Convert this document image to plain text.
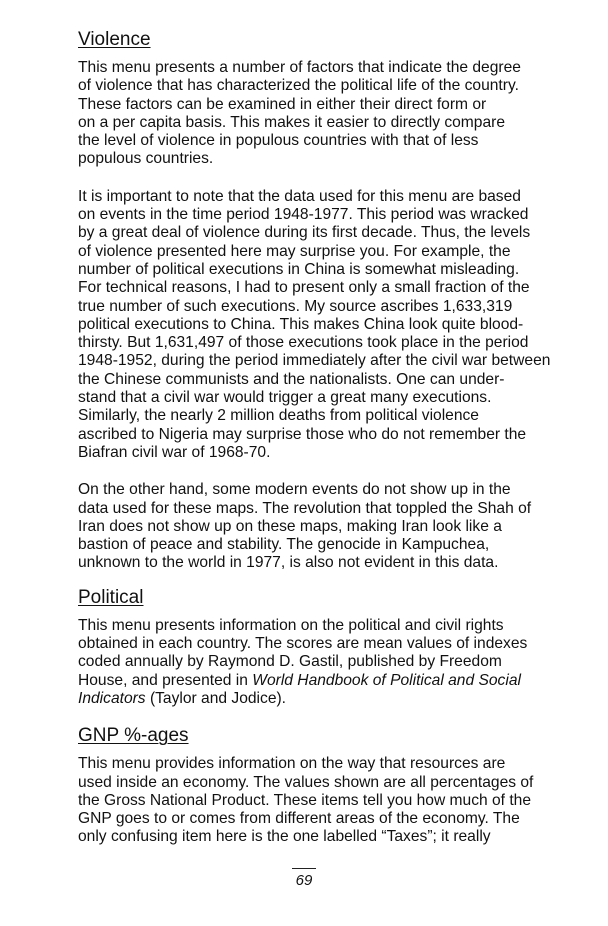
Violence

This menu presents a number of factors that indicate the degree
of violence that has characterized the political life of the country.
These factors can be examined in either their direct form or
on a per capita basis. This makes it easier to directly compare
the level of violence in populous countries with that of less
populous countries.

It is important to note that the data used for this menu are based
on events in the time period 1948-1977. This period was wracked
by a great deal of violence during its first decade. Thus, the levels
of violence presented here may surprise you. For example, the
number of political executions in China is somewhat misleading.
For technical reasons, I had to present only a small fraction of the
true number of such executions. My source ascribes 1,633,319
political executions to China. This makes China look quite blood-
thirsty. But 1,631,497 of those executions took place in the period
1948-1952, during the period immediately after the civil war between
the Chinese communists and the nationalists. One can under-
stand that a civil war would trigger a great many executions.
Similarly, the nearly 2 million deaths from political violence
ascribed to Nigeria may surprise those who do not remember the
Biafran civil war of 1968-70.

On the other hand, some modern events do not show up in the
data used for these maps. The revolution that toppled the Shah of
Iran does not show up on these maps, making Iran look like a
bastion of peace and stability. The genocide in Kampuchea,
unknown to the world in 1977, is also not evident in this data.

Political

This menu presents information on the political and civil rights
obtained in each country. The scores are mean values of indexes
coded annually by Raymond D. Gastil, published by Freedom
House, and presented in World Handbook of Political and Social
Indicators (Taylor and Jodice).

GNP %-ages

This menu provides information on the way that resources are
used inside an economy. The values shown are all percentages of
the Gross National Product. These items tell you how much of the
GNP goes to or comes from different areas of the economy. The
only confusing item here is the one labelled “Taxes”; it really

69
